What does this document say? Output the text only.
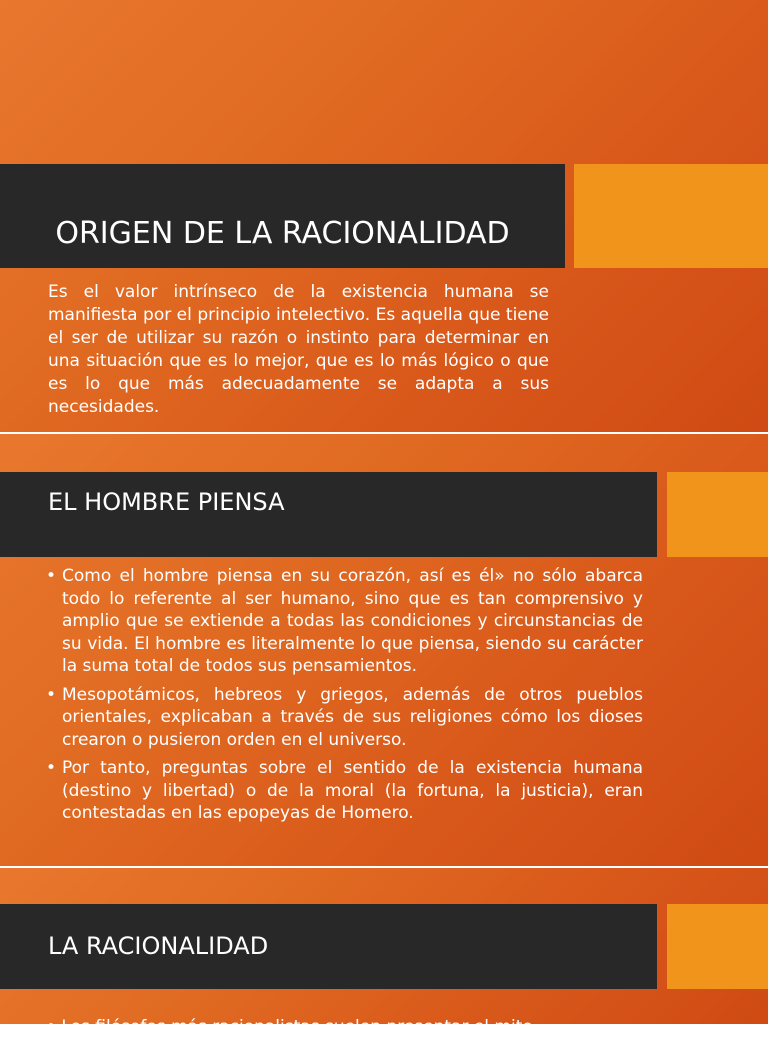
ORIGEN DE LA RACIONALIDAD

Es el valor intrínseco de la existencia humana se manifiesta por el principio intelectivo. Es aquella que tiene el ser de utilizar su razón o instinto para determinar en una situación que es lo mejor, que es lo más lógico o que es lo que más adecuadamente se adapta a sus necesidades.

EL HOMBRE PIENSA
• Como el hombre piensa en su corazón, así es él» no sólo abarca todo lo referente al ser humano, sino que es tan comprensivo y amplio que se extiende a todas las condiciones y circunstancias de su vida. El hombre es literalmente lo que piensa, siendo su carácter la suma total de todos sus pensamientos.
• Mesopotámicos, hebreos y griegos, además de otros pueblos orientales, explicaban a través de sus religiones cómo los dioses crearon o pusieron orden en el universo.
• Por tanto, preguntas sobre el sentido de la existencia humana (destino y libertad) o de la moral (la fortuna, la justicia), eran contestadas en las epopeyas de Homero.
LA RACIONALIDAD
• Los filósofos más racionalistas suelen presentar el mito
